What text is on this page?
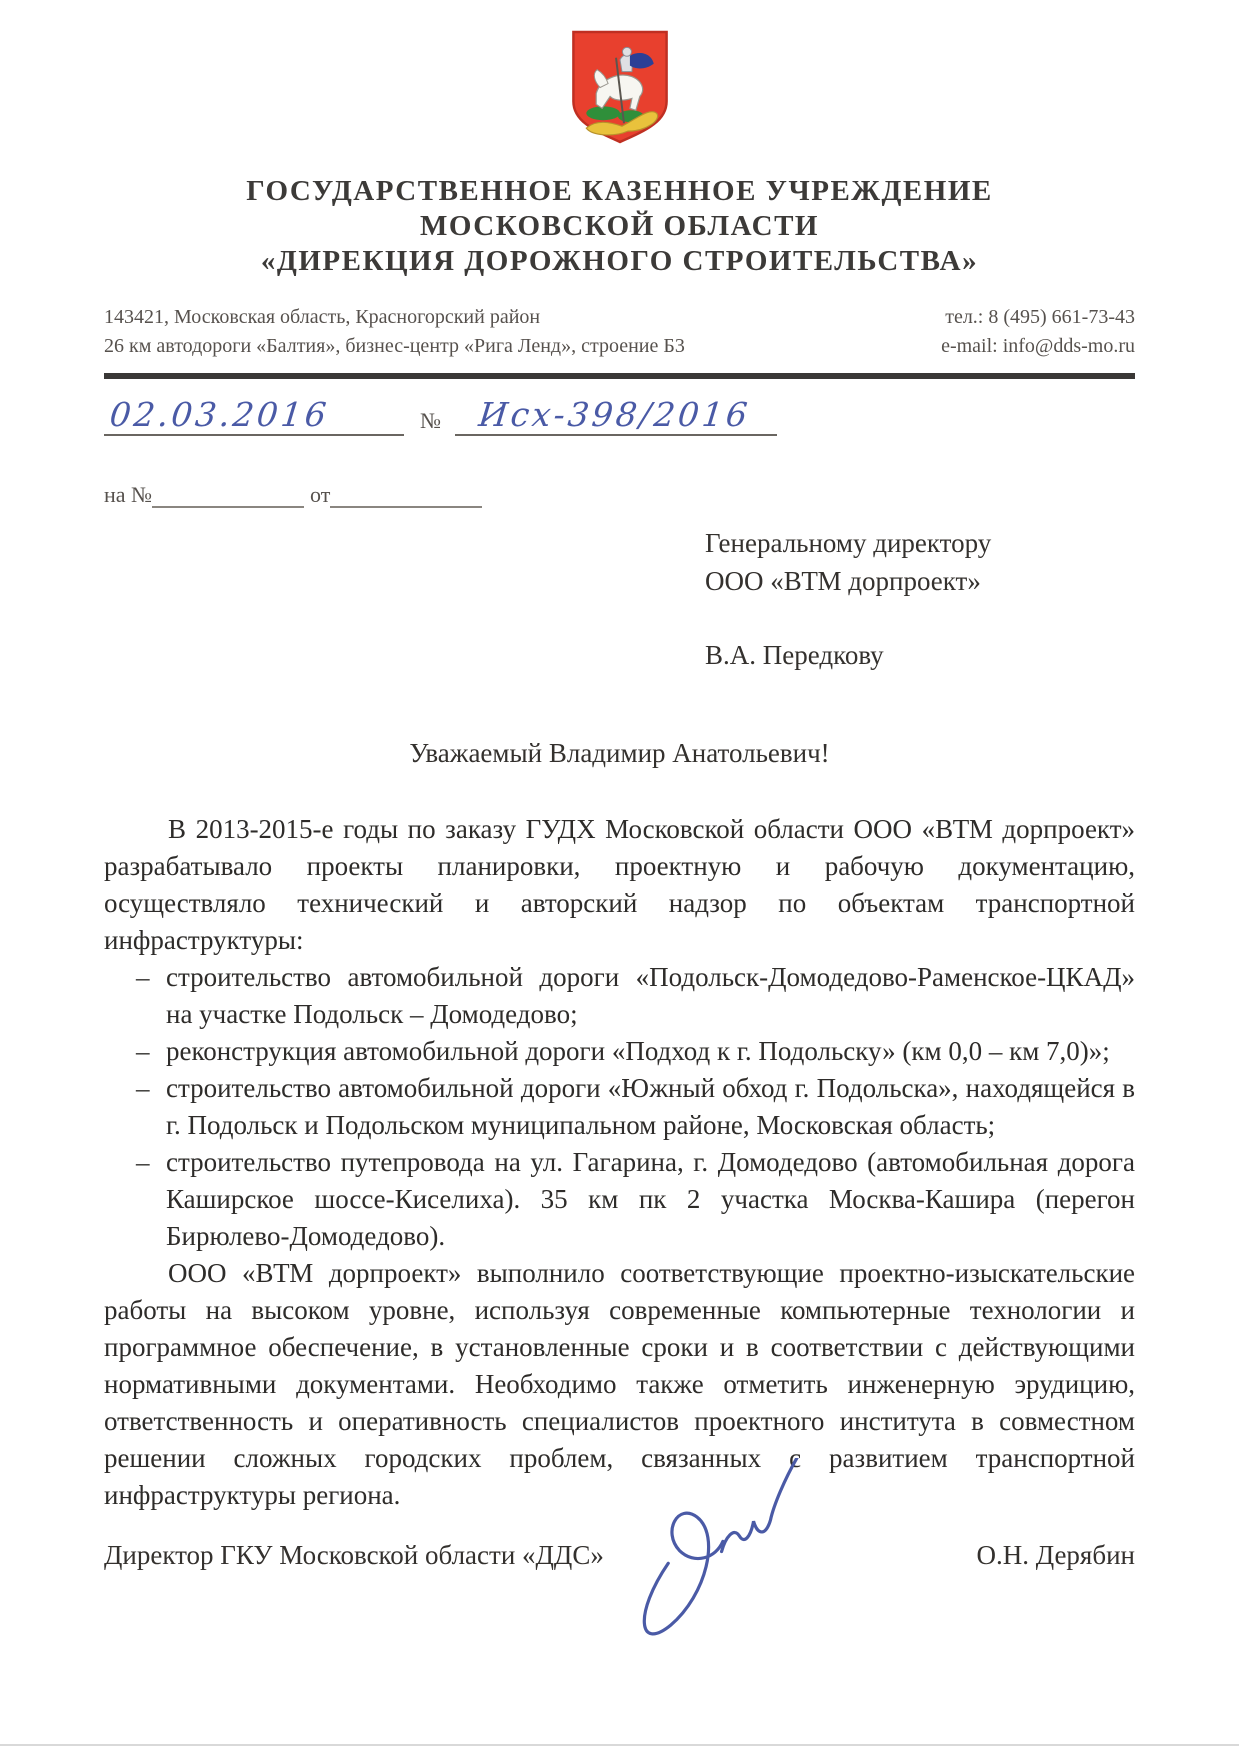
ГОСУДАРСТВЕННОЕ КАЗЕННОЕ УЧРЕЖДЕНИЕ
МОСКОВСКОЙ ОБЛАСТИ
«ДИРЕКЦИЯ ДОРОЖНОГО СТРОИТЕЛЬСТВА»
143421, Московская область, Красногорский район
26 км автодороги «Балтия», бизнес-центр «Рига Ленд», строение Б3
тел.: 8 (495) 661-73-43
e-mail: info@dds-mo.ru
02.03.2016	№	Исх-398/2016
на №	от
Генеральному директору
ООО «ВТМ дорпроект»
В.А. Передкову
Уважаемый Владимир Анатольевич!

В 2013-2015-е годы по заказу ГУДХ Московской области ООО «ВТМ дорпроект» разрабатывало проекты планировки, проектную и рабочую документацию, осуществляло технический и авторский надзор по объектам транспортной инфраструктуры:

– строительство автомобильной дороги «Подольск-Домодедово-Раменское-ЦКАД» на участке Подольск – Домодедово;
– реконструкция автомобильной дороги «Подход к г. Подольску» (км 0,0 – км 7,0)»;
– строительство автомобильной дороги «Южный обход г. Подольска», находящейся в г. Подольск и Подольском муниципальном районе, Московская область;
– строительство путепровода на ул. Гагарина, г. Домодедово (автомобильная дорога Каширское шоссе-Киселиха). 35 км пк 2 участка Москва-Кашира (перегон Бирюлево-Домодедово).

ООО «ВТМ дорпроект» выполнило соответствующие проектно-изыскательские работы на высоком уровне, используя современные компьютерные технологии и программное обеспечение, в установленные сроки и в соответствии с действующими нормативными документами. Необходимо также отметить инженерную эрудицию, ответственность и оперативность специалистов проектного института в совместном решении сложных городских проблем, связанных с развитием транспортной инфраструктуры региона.

Директор ГКУ Московской области «ДДС»	О.Н. Дерябин
